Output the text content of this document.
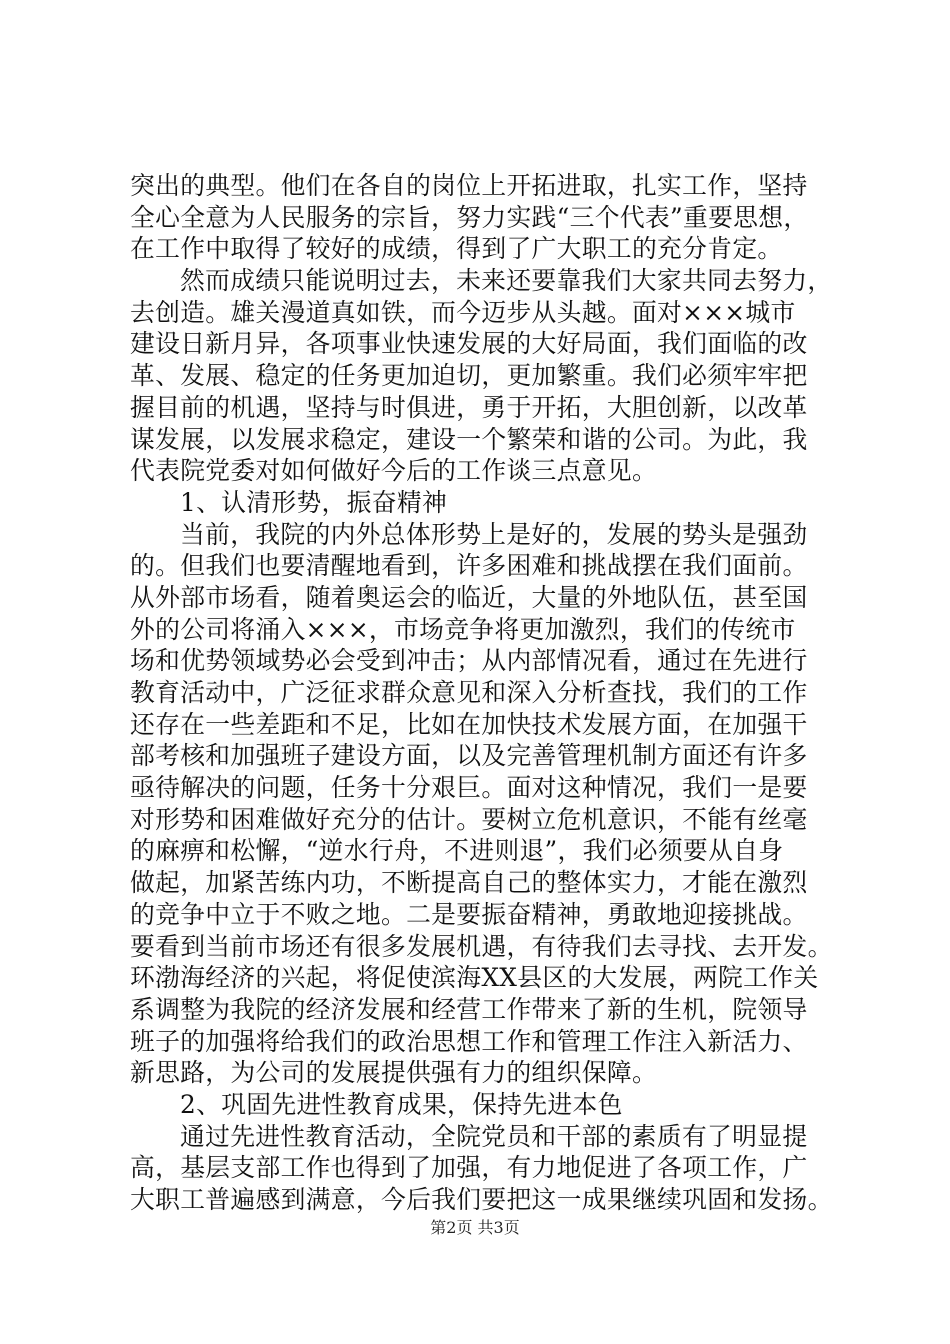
突出的典型。他们在各自的岗位上开拓进取，扎实工作，坚持
全心全意为人民服务的宗旨，努力实践“三个代表”重要思想，
在工作中取得了较好的成绩，得到了广大职工的充分肯定。
然而成绩只能说明过去，未来还要靠我们大家共同去努力，
去创造。雄关漫道真如铁，而今迈步从头越。面对×××城市
建设日新月异，各项事业快速发展的大好局面，我们面临的改
革、发展、稳定的任务更加迫切，更加繁重。我们必须牢牢把
握目前的机遇，坚持与时俱进，勇于开拓，大胆创新，以改革
谋发展，以发展求稳定，建设一个繁荣和谐的公司。为此，我
代表院党委对如何做好今后的工作谈三点意见。
1、认清形势，振奋精神
当前，我院的内外总体形势上是好的，发展的势头是强劲
的。但我们也要清醒地看到，许多困难和挑战摆在我们面前。
从外部市场看，随着奥运会的临近，大量的外地队伍，甚至国
外的公司将涌入×××，市场竞争将更加激烈，我们的传统市
场和优势领域势必会受到冲击；从内部情况看，通过在先进行
教育活动中，广泛征求群众意见和深入分析查找，我们的工作
还存在一些差距和不足，比如在加快技术发展方面，在加强干
部考核和加强班子建设方面，以及完善管理机制方面还有许多
亟待解决的问题，任务十分艰巨。面对这种情况，我们一是要
对形势和困难做好充分的估计。要树立危机意识，不能有丝毫
的麻痹和松懈，“逆水行舟，不进则退”，我们必须要从自身
做起，加紧苦练内功，不断提高自己的整体实力，才能在激烈
的竞争中立于不败之地。二是要振奋精神，勇敢地迎接挑战。
要看到当前市场还有很多发展机遇，有待我们去寻找、去开发。
环渤海经济的兴起，将促使滨海XX县区的大发展，两院工作关
系调整为我院的经济发展和经营工作带来了新的生机，院领导
班子的加强将给我们的政治思想工作和管理工作注入新活力、
新思路，为公司的发展提供强有力的组织保障。
2、巩固先进性教育成果，保持先进本色
通过先进性教育活动，全院党员和干部的素质有了明显提
高，基层支部工作也得到了加强，有力地促进了各项工作，广
大职工普遍感到满意，今后我们要把这一成果继续巩固和发扬。
第2页 共3页
